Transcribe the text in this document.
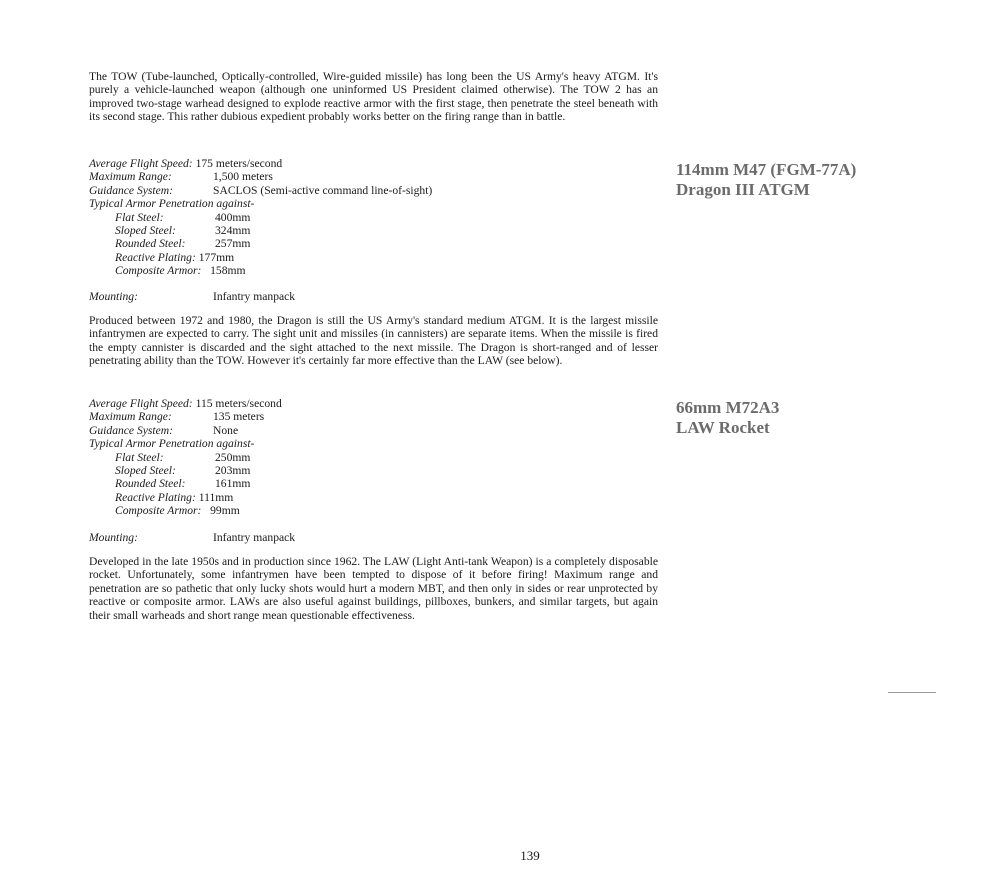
The TOW (Tube-launched, Optically-controlled, Wire-guided missile) has long been the US Army's heavy ATGM. It's purely a vehicle-launched weapon (although one uninformed US President claimed otherwise). The TOW 2 has an improved two-stage warhead designed to explode reactive armor with the first stage, then penetrate the steel beneath with its second stage. This rather dubious expedient probably works better on the firing range than in battle.
114mm M47 (FGM-77A)
Dragon III ATGM
Average Flight Speed: 175 meters/second
Maximum Range:	1,500 meters
Guidance System:	SACLOS (Semi-active command line-of-sight)
Typical Armor Penetration against-
Flat Steel:	400mm
Sloped Steel:	324mm
Rounded Steel:	257mm
Reactive Plating: 177mm
Composite Armor: 158mm
Mounting:	Infantry manpack
Produced between 1972 and 1980, the Dragon is still the US Army's standard medium ATGM. It is the largest missile infantrymen are expected to carry. The sight unit and missiles (in cannisters) are separate items. When the missile is fired the empty cannister is discarded and the sight attached to the next missile. The Dragon is short-ranged and of lesser penetrating ability than the TOW. However it's certainly far more effective than the LAW (see below).
66mm M72A3
LAW Rocket
Average Flight Speed: 115 meters/second
Maximum Range:	135 meters
Guidance System:	None
Typical Armor Penetration against-
Flat Steel:	250mm
Sloped Steel:	203mm
Rounded Steel:	161mm
Reactive Plating: 111mm
Composite Armor: 99mm
Mounting:	Infantry manpack
Developed in the late 1950s and in production since 1962. The LAW (Light Anti-tank Weapon) is a completely disposable rocket. Unfortunately, some infantrymen have been tempted to dispose of it before firing! Maximum range and penetration are so pathetic that only lucky shots would hurt a modern MBT, and then only in sides or rear unprotected by reactive or composite armor. LAWs are also useful against buildings, pillboxes, bunkers, and similar targets, but again their small warheads and short range mean questionable effectiveness.
139
